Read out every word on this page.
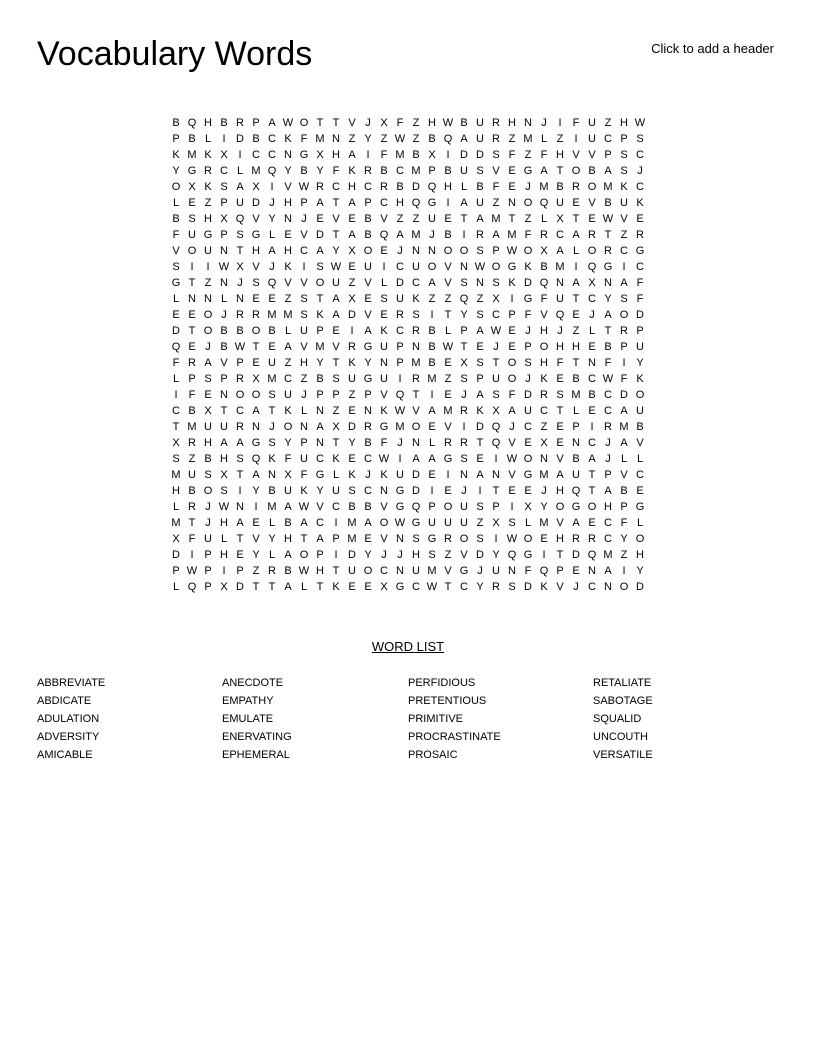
Vocabulary Words	Click to add a header
B Q H B R P A W O T T V J X F Z H W B U R H N J	I	F U Z H W
P B L	I D B C K F M N Z Y Z W Z B Q A U R Z M L Z	I U C P S
K M K X I C C N G X H A I	F M B X I D D S F Z F H V V P S C
Y G R C L M Q Y B Y F K R B C M P B U S V E G A T O B A S J
O X K S A X I V W R C H C R B D Q H L B F E J M B R O M K C
L E Z P U D J H P A T A P C H Q G I A U Z N O Q U E V B U K
B S H X Q V Y N J E V E B V Z Z U E T A M T Z L X T E W V E
F U G P S G L E V D T A B Q A M J B I R A M F R C A R T Z R
V O U N T H A H C A Y X O E J N N O O S P W O X A L O R C G
S I	I W X V J K I S W E U I C U O V N W O G K B M I Q G I C
G T Z N J S Q V V O U Z V L D C A V S N S K D Q N A X N A F
L N N L N E E Z S T A X E S U K Z Z Q Z X I G F U T C Y S F
E E O J R R M M S K A D V E R S I	T Y S C P F V Q E J A O D
D T O B B O B L U P E I A K C R B L P A W E J H J Z L T R P
Q E J B W T E A V M V R G U P N B W T E J E P O H H E B P U
F R A V P E U Z H Y T K Y N P M B E X S T O S H F T N F	I Y
L P S P R X M C Z B S U G U I R M Z S P U O J K E B C W F K
I	F E N O O S U J P P Z P V Q T	I E J A S F D R S M B C D O
C B X T C A T K L N Z E N K W V A M R K X A U C T L E C A U
T M U U R N J O N A X D R G M O E V I D Q J C Z E P I R M B
X R H A A G S Y P N T Y B F J N L R R T Q V E X E N C J A V
S Z B H S Q K F U C K E C W I A A G S E I W O N V B A J L L
M U S X T A N X F G L K J K U D E I N A N V G M A U T P V C
H B O S I Y B U K Y U S C N G D I E J	I	T E E J H Q T A B E
L R J W N I M A W V C B B V G Q P O U S P I X Y O G O H P G
M T J H A E L B A C I M A O W G U U U Z X S L M V A E C F L
X F U L T V Y H T A P M E V N S G R O S I W O E H R R C Y O
D I P H E Y L A O P I D Y J J H S Z V D Y Q G I	T D Q M Z H
P W P I P Z R B W H T U O C N U M V G J U N F Q P E N A I Y
L Q P X D T T A L T K E E X G C W T C Y R S D K V J C N O D
WORD LIST
ABBREVIATE
ABDICATE
ADULATION
ADVERSITY
AMICABLE
ANECDOTE
EMPATHY
EMULATE
ENERVATING
EPHEMERAL
PERFIDIOUS
PRETENTIOUS
PRIMITIVE
PROCRASTINATE
PROSAIC
RETALIATE
SABOTAGE
SQUALID
UNCOUTH
VERSATILE
